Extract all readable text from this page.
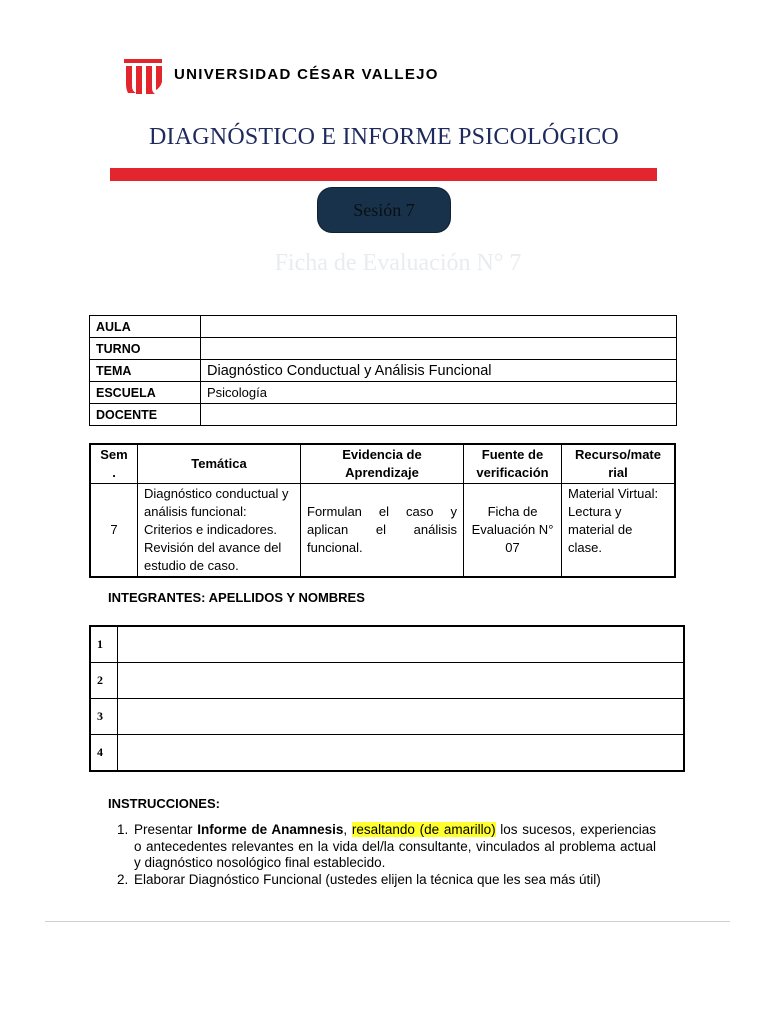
UNIVERSIDAD CÉSAR VALLEJO
DIAGNÓSTICO E INFORME PSICOLÓGICO
Sesión 7
Ficha de Evaluación N° 7
AULA	
TURNO	
TEMA	Diagnóstico Conductual y Análisis Funcional
ESCUELA	Psicología
DOCENTE	
Sem .	Temática	Evidencia de Aprendizaje	Fuente de verificación	Recurso/mate rial
7	Diagnóstico conductual y análisis funcional: Criterios e indicadores. Revisión del avance del estudio de caso.	Formulan el caso y aplican el análisis funcional.	Ficha de Evaluación N° 07	Material Virtual: Lectura y material de clase.
INTEGRANTES: APELLIDOS Y NOMBRES
1	
2	
3	
4	
INSTRUCCIONES:
1. Presentar Informe de Anamnesis, resaltando (de amarillo) los sucesos, experiencias o antecedentes relevantes en la vida del/la consultante, vinculados al problema actual y diagnóstico nosológico final establecido.
2. Elaborar Diagnóstico Funcional (ustedes elijen la técnica que les sea más útil)
